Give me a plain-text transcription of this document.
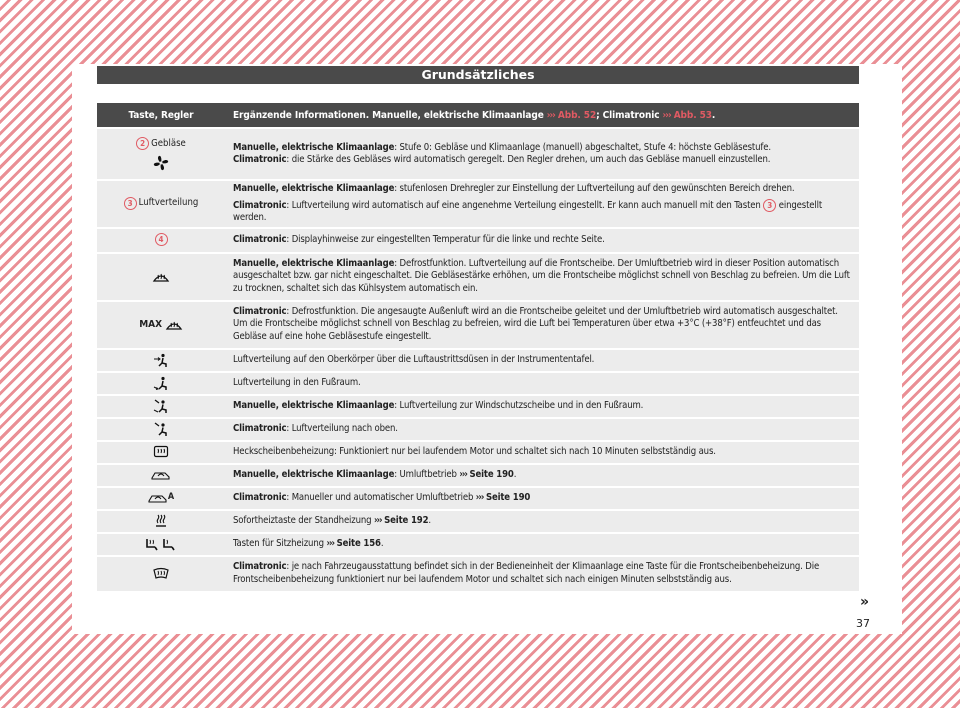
Grundsätzliches
Taste, Regler	Ergänzende Informationen. Manuelle, elektrische Klimaanlage ››› Abb. 52; Climatronic ››› Abb. 53.

2 Gebläse	Manuelle, elektrische Klimaanlage: Stufe 0: Gebläse und Klimaanlage (manuell) abgeschaltet, Stufe 4: höchste Gebläsestufe.
Climatronic: die Stärke des Gebläses wird automatisch geregelt. Den Regler drehen, um auch das Gebläse manuell einzustellen.

3 Luftverteilung	Manuelle, elektrische Klimaanlage: stufenlosen Drehregler zur Einstellung der Luftverteilung auf den gewünschten Bereich drehen.
Climatronic: Luftverteilung wird automatisch auf eine angenehme Verteilung eingestellt. Er kann auch manuell mit den Tasten 3 eingestellt werden.

4	Climatronic: Displayhinweise zur eingestellten Temperatur für die linke und rechte Seite.
	Manuelle, elektrische Klimaanlage: Defrostfunktion. Luftverteilung auf die Frontscheibe. Der Umluftbetrieb wird in dieser Position automatisch ausgeschaltet bzw. gar nicht eingeschaltet. Die Gebläsestärke erhöhen, um die Frontscheibe möglichst schnell von Beschlag zu befreien. Um die Luft zu trocknen, schaltet sich das Kühlsystem automatisch ein.
MAX	Climatronic: Defrostfunktion. Die angesaugte Außenluft wird an die Frontscheibe geleitet und der Umluftbetrieb wird automatisch ausgeschaltet. Um die Frontscheibe möglichst schnell von Beschlag zu befreien, wird die Luft bei Temperaturen über etwa +3°C (+38°F) entfeuchtet und das Gebläse auf eine hohe Gebläsestufe eingestellt.
	Luftverteilung auf den Oberkörper über die Luftaustrittsdüsen in der Instrumententafel.
	Luftverteilung in den Fußraum.
	Manuelle, elektrische Klimaanlage: Luftverteilung zur Windschutzscheibe und in den Fußraum.
	Climatronic: Luftverteilung nach oben.
	Heckscheibenbeheizung: Funktioniert nur bei laufendem Motor und schaltet sich nach 10 Minuten selbstständig aus.
	Manuelle, elektrische Klimaanlage: Umluftbetrieb ››› Seite 190.
A	Climatronic: Manueller und automatischer Umluftbetrieb ››› Seite 190
	Sofortheiztaste der Standheizung ››› Seite 192.
	Tasten für Sitzheizung ››› Seite 156.
	Climatronic: je nach Fahrzeugausstattung befindet sich in der Bedieneinheit der Klimaanlage eine Taste für die Frontscheibenbeheizung. Die Frontscheibenbeheizung funktioniert nur bei laufendem Motor und schaltet sich nach einigen Minuten selbstständig aus.
»
37
